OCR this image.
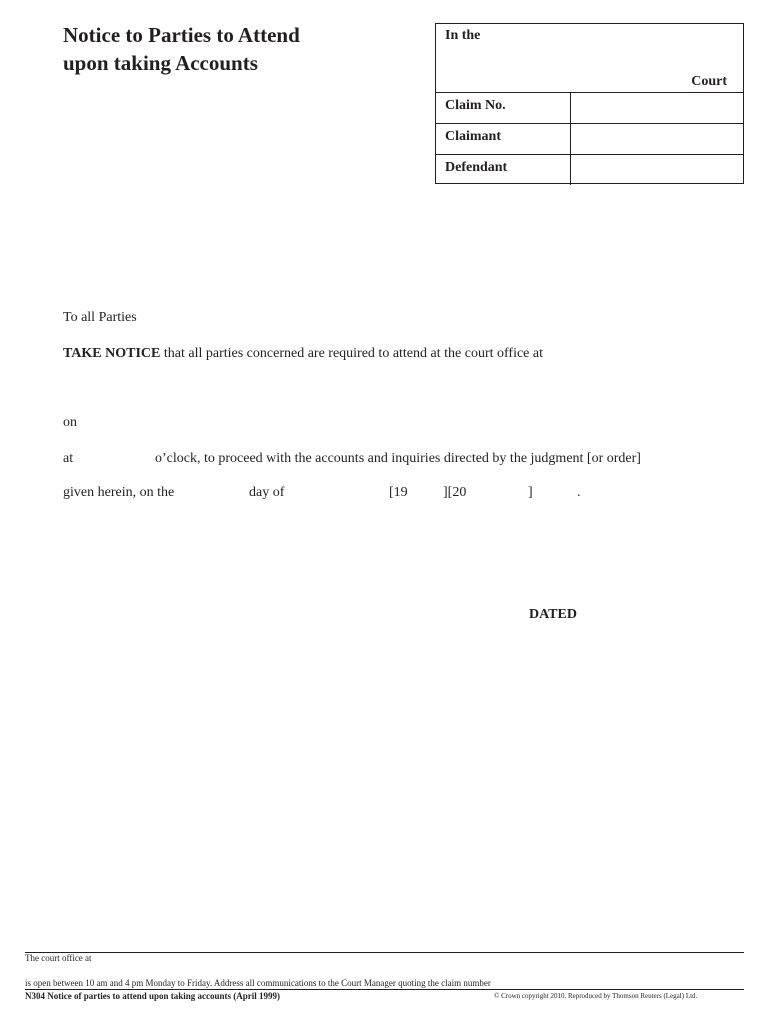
Notice to Parties to Attend
upon taking Accounts
In the
Court
Claim No.
Claimant
Defendant
To all Parties
TAKE NOTICE that all parties concerned are required to attend at the court office at
on
at	o’clock, to proceed with the accounts and inquiries directed by the judgment [or order]
given herein, on the	day of	[19	][20	]	.
DATED
The court office at
is open between 10 am and 4 pm Monday to Friday. Address all communications to the Court Manager quoting the claim number
N304 Notice of parties to attend upon taking accounts (April 1999)	© Crown copyright 2010. Reproduced by Thomson Reuters (Legal) Ltd.
